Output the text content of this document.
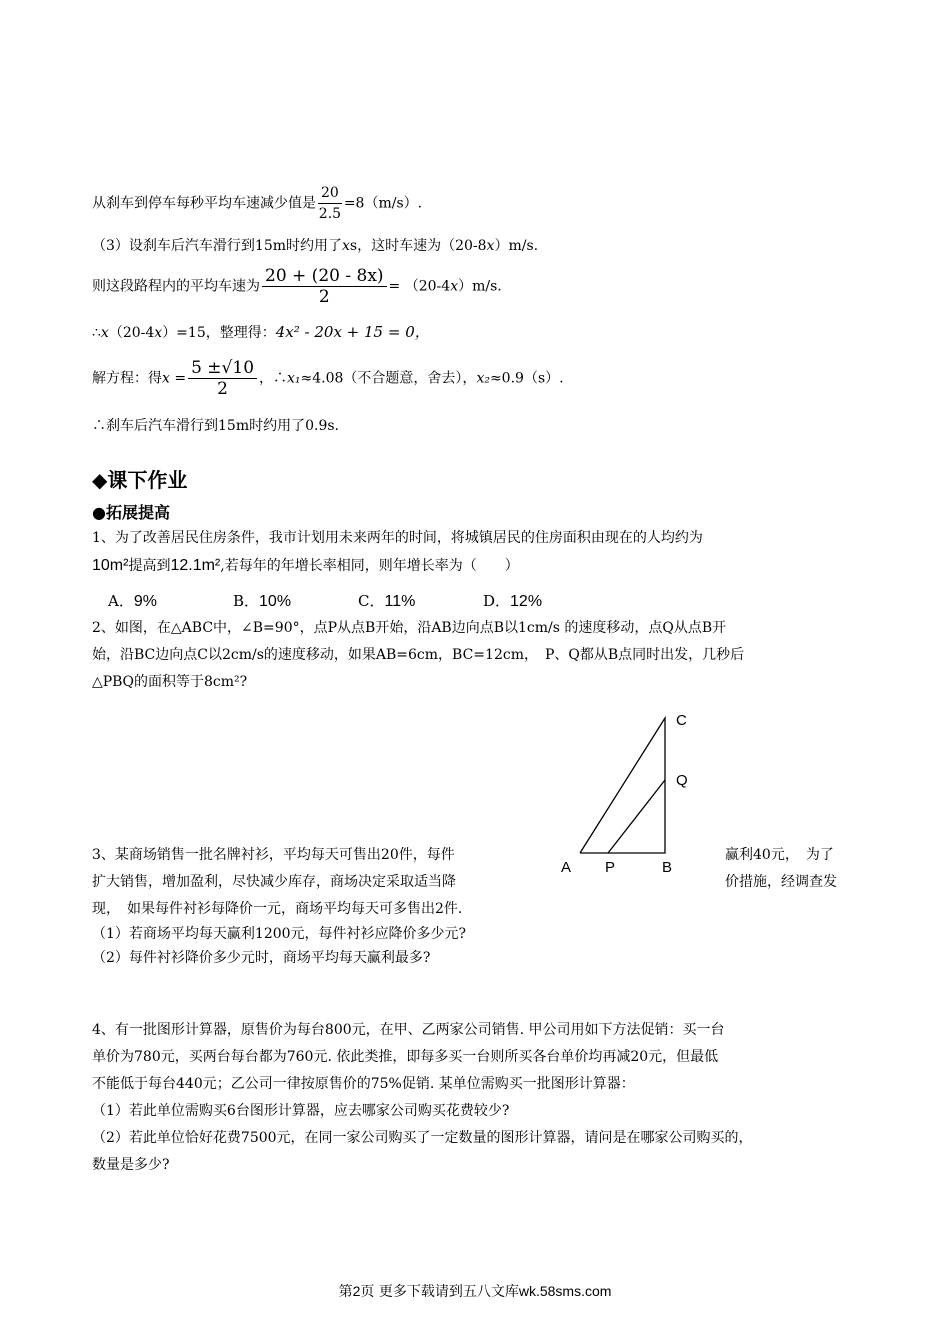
从刹车到停车每秒平均车速减少值是 $\frac{20}{2.5} =8(m/s)$.
（3）设刹车后汽车滑行到15m时约用了xs，这时车速为（20-8x）m/s.
则这段路程内的平均车速为 $\frac{20 + (20 - 8x)}{2} = (20-4x)m/s$.
∴x（20-4x）=15，整理得：4x² - 20x + 15 = 0，
解方程：得$x = \frac{5 \pm√10}{2}$ ，∴x₁≈4.08（不合题意，舍去），x₂≈0.9（s）.
∴刹车后汽车滑行到15m时约用了0.9s.
◆课下作业
●拓展提高
1、为了改善居民住房条件，我市计划用未来两年的时间，将城镇居民的住房面积由现在的人均约为
10m²提高到12.1m²,若每年的年增长率相同，则年增长率为（　　）
A．9%	B．10%	C．11%	D．12%
2、如图，在△ABC中，∠B=90°，点P从点B开始，沿AB边向点B以1cm/s 的速度移动，点Q从点B开
始，沿BC边向点C以2cm/s的速度移动，如果AB=6cm，BC=12cm，　P、Q都从B点同时出发，几秒后
△PBQ的面积等于8cm²?
A P	B
Q
C
3、某商场销售一批名牌衬衫，平均每天可售出20件，每件	赢利40元，　为了
扩大销售，增加盈利，尽快减少库存，商场决定采取适当降	价措施，经调查发
现，　如果每件衬衫每降价一元，商场平均每天可多售出2件.
（1）若商场平均每天赢利1200元，每件衬衫应降价多少元?
（2）每件衬衫降价多少元时，商场平均每天赢利最多?
4、有一批图形计算器，原售价为每台800元，在甲、乙两家公司销售. 甲公司用如下方法促销：买一台
单价为780元，买两台每台都为760元. 依此类推，即每多买一台则所买各台单价均再减20元，但最低
不能低于每台440元；乙公司一律按原售价的75%促销. 某单位需购买一批图形计算器：
（1）若此单位需购买6台图形计算器，应去哪家公司购买花费较少?
（2）若此单位恰好花费7500元，在同一家公司购买了一定数量的图形计算器，请问是在哪家公司购买的，
数量是多少?
第2页 更多下载请到五八文库wk.58sms.com
